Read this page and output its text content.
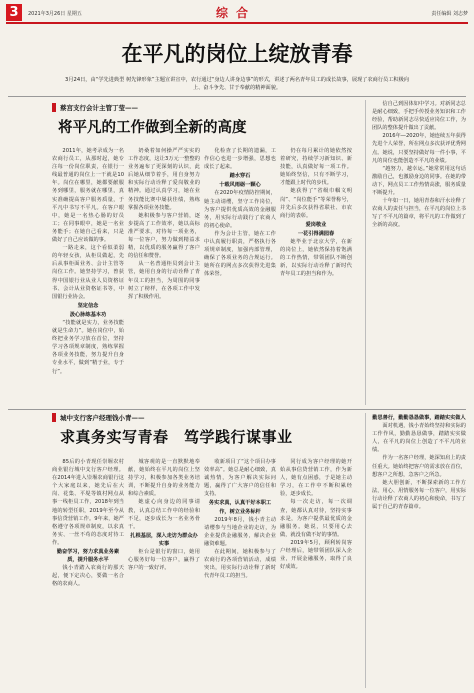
3	2021年3月26日 星期五	综合	责任编辑 刘志梦
在平凡的岗位上绽放青春
3月24日，由“学先进典型 树先锋形象”主题宣讲宣中，农行通过“身边人讲身边事”的形式，讲述了两名青年员工的成长故事，展现了农商行员工积极向上、奋斗争先、甘于奉献的精神面貌。
蔡宫支行会计主管丁莹——
将平凡的工作做到全新的高度

2011年，她考录成为一名农商行员工，从那时起，她专注每一份岗位职责，在银行一线最普通的岗位上一干就是10年。岗位在哪里，她都要献服务到哪里，服务就在哪里，真实准确提高客户服务质量，于平凡中书写不平凡。在客户眼中，她是一名热心肠的好员工；在同事眼中，她是一名业务能手；在她自己看来，只是做好了自己应该做的事。

一路走来，这个看似柔弱的年轻女孩，从柜员做起，先后从事柜面业务、会计主管等岗位工作。她坚持学习，曾获得中国银行业从业人员资格证书、会计从业资格证书等，中国银行业协会。

坚定信念

汲心脉练基本功

“技能就是实力，业务技能就是生命力”。她在岗位中，始终把业务学习放在首位，坚持学习各项规章制度，熟练掌握各项业务技能，努力提升自身专业水平，做到“精于业，专于行”。

奶桑着如何操严严实实的工作态度，这让3万元一整整的业务遍布了更深刻的认识，此后她从细节着手，用自身努力和实际行动诠释了爱岗敬业的精神。通过认真学习，她在业务技能比赛中屡获佳绩，熟练掌握各项业务技能。

她积极参与客户营销，逐步提高了工作效率，她以高标准严要求，对待每一项业务，每一位客户，努力做到精益求精，以优质的服务赢得了客户的信任和赞誉。

从一名普通柜员到会计主管，她用自身的行动诠释了青年员工的担当，为周围的同事树立了榜样，在各项工作中发挥了积极作用。

化检查了长期的遗漏，工作信心也进一步增强，思想也成长了起来。

踏水穿石

十载风雨砺一颗心

在2020年疫情防控期间，她主动请缨，坚守工作岗位，为客户提供优质高效的金融服务，用实际行动践行了农商人的初心使命。

作为会计主管，她在工作中认真履行职责，严格执行各项规章制度，加强内部管理，确保了各项业务的合规运行。她所在的网点多次获得先进集体荣誉。

仍在每月累计的她依然按着研究，持续学习新知识、新技能，认真做好每一项工作。她始终坚信，只有不断学习，才能跟上时代的步伐。

她获得了“省级巾帼文明岗”、“岗位能手”等荣誉称号，并先后多次获得省联社、市农商行的表彰。

爱岗敬业

一花引得满园春

她毕业于北京大学，在新的岗位上，她依然保持着饱满的工作热情，带领团队不断创新，以实际行动诠释了新时代青年员工的担当和作为。

信自己到因体如中学习。对新同志总是耐心细致，手把手传授业务知识和工作经验，帮助新同志尽快适应岗位工作，为团队的整体提升做出了贡献。

2016年—2020年，她连续五年获得先进个人荣誉，所在网点多次获评优秀网点。她说，只要坚持做好每一件小事，平凡的岗位也能创造不平凡的业绩。

“越努力，越幸运。”她常常用这句话激励自己，也激励身边的同事。在她的带动下，网点员工工作热情高涨，服务质量不断提升。

十年如一日，她用青春和汗水诠释了农商人的责任与担当，在平凡的岗位上书写了不平凡的篇章，将平凡的工作做到了全新的高度。

城中支行客户经理钱小青——
求真务实写青春　笃学践行谋事业

85后的小青现任崇堰农村商业银行城中支行客户经理。在2014年进入崇堰农商银行这个大家庭以来，她先后在大岗、花集、平堤等镇村网点从事一线柜员工作，2018年到当地的转型任职，2019年至今从事信贷营销工作。9年来，她严格遵守各项规章制度，以求真务实、一丝不苟的态度对待工作。

勤奋学习，努力求真业务素质，提升服务水平

钱小青踏入农商行的那天起，便下定决心，要做一名合格的农商人。

城客观的是一直默默地奉献，她始终在平凡的岗位上坚持学习，积极参加各类业务培训，不断提升自身的业务能力和综合素质。

她虚心向身边的同事请教，认真总结工作中的经验和不足，逐步成长为一名业务骨干。

扎根基层，深入走访为群众办实事

柜台是银行的窗口，她用心服务好每一位客户，赢得了客户的一致好评。

收新项目了“这个项目办事效率高”。她总是耐心细致，真诚热情，为客户解决实际问题，赢得了广大客户的信任和支持。

务实求真，认真干好本职工作，树立业务标杆

2019年8月，钱小青主动请缨参与当地企业的走访，为企业提供金融服务，解决企业融资难题。

在此期间，她积极参与了农商行的各项营销活动，成绩突出，用实际行动诠释了新时代青年员工的担当。

同行成为客户经理的她开始从事信贷营销工作，作为新人，她有点困惑，于是她主动学习，在工作中不断积累经验，逐步成长。

每一次走访，每一次调查，她都认真对待，坚持实事求是，为客户提供最优质的金融服务。她说，只要用心去做，就没有做不好的事情。

2019年5月，顾利转岗客户经理后，她带领团队深入企业，开展金融服务，取得了良好成效。

勤思善行，勤勤恳恳做事，踏踏实实做人

面对机遇，钱小青始终坚持和实际的工作作风，勤勤恳恳做事，踏踏实实做人，在平凡的岗位上创造了不平凡的业绩。

作为一名客户经理，她深知肩上的责任重大。她始终把客户的需求放在首位，想客户之所想，急客户之所急。

她大胆创新，不断探索新的工作方法，用心、用情服务每一位客户，用实际行动诠释了农商人的初心和使命，书写了属于自己的青春篇章。
